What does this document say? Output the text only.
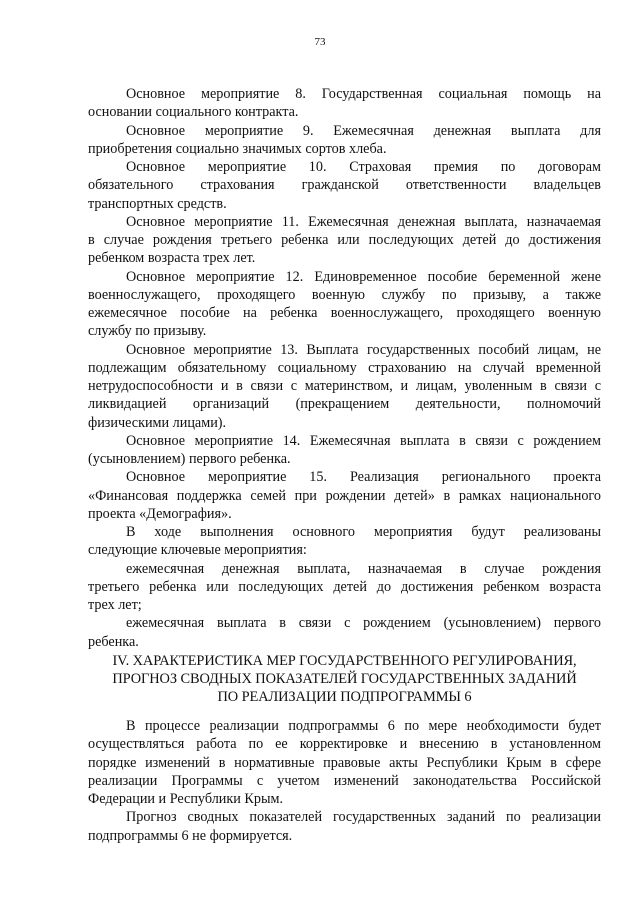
73
Основное мероприятие 8. Государственная социальная помощь на
основании социального контракта.
Основное мероприятие 9. Ежемесячная денежная выплата для
приобретения социально значимых сортов хлеба.
Основное мероприятие 10. Страховая премия по договорам
обязательного страхования гражданской ответственности владельцев
транспортных средств.
Основное мероприятие 11. Ежемесячная денежная выплата, назначаемая
в случае рождения третьего ребенка или последующих детей до достижения
ребенком возраста трех лет.
Основное мероприятие 12. Единовременное пособие беременной жене
военнослужащего, проходящего военную службу по призыву, а также
ежемесячное пособие на ребенка военнослужащего, проходящего военную
службу по призыву.
Основное мероприятие 13. Выплата государственных пособий лицам, не
подлежащим обязательному социальному страхованию на случай временной
нетрудоспособности и в связи с материнством, и лицам, уволенным в связи с
ликвидацией организаций (прекращением деятельности, полномочий
физическими лицами).
Основное мероприятие 14. Ежемесячная выплата в связи с рождением
(усыновлением) первого ребенка.
Основное мероприятие 15. Реализация регионального проекта
«Финансовая поддержка семей при рождении детей» в рамках национального
проекта «Демография».
В ходе выполнения основного мероприятия будут реализованы
следующие ключевые мероприятия:
ежемесячная денежная выплата, назначаемая в случае рождения
третьего ребенка или последующих детей до достижения ребенком возраста
трех лет;
ежемесячная выплата в связи с рождением (усыновлением) первого
ребенка.
IV. ХАРАКТЕРИСТИКА МЕР ГОСУДАРСТВЕННОГО РЕГУЛИРОВАНИЯ,
ПРОГНОЗ СВОДНЫХ ПОКАЗАТЕЛЕЙ ГОСУДАРСТВЕННЫХ ЗАДАНИЙ
ПО РЕАЛИЗАЦИИ ПОДПРОГРАММЫ 6
В процессе реализации подпрограммы 6 по мере необходимости будет
осуществляться работа по ее корректировке и внесению в установленном
порядке изменений в нормативные правовые акты Республики Крым в сфере
реализации Программы с учетом изменений законодательства Российской
Федерации и Республики Крым.
Прогноз сводных показателей государственных заданий по реализации
подпрограммы 6 не формируется.
